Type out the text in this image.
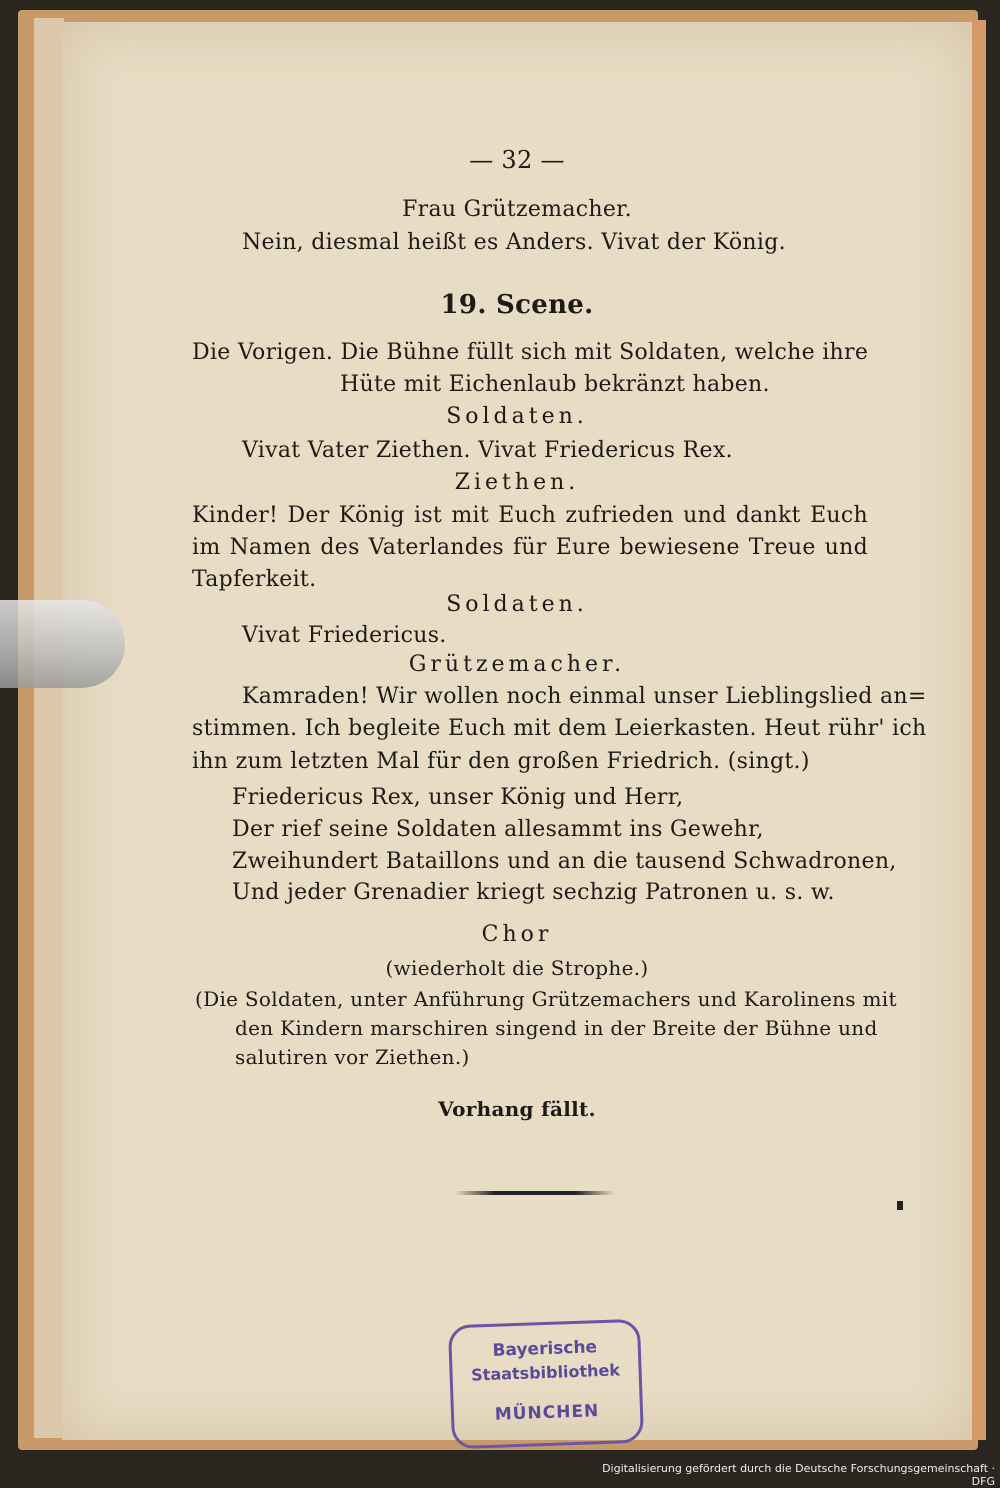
— 32 —
Frau Grützemacher.
Nein, diesmal heißt es Anders. Vivat der König.
19. Scene.
Die Vorigen. Die Bühne füllt sich mit Soldaten, welche ihre
Hüte mit Eichenlaub bekränzt haben.
Soldaten.
Vivat Vater Ziethen. Vivat Friedericus Rex.
Ziethen.
Kinder! Der König ist mit Euch zufrieden und dankt Euch
im Namen des Vaterlandes für Eure bewiesene Treue und
Tapferkeit.
Soldaten.
Vivat Friedericus.
Grützemacher.
Kamraden! Wir wollen noch einmal unser Lieblingslied an=
stimmen. Ich begleite Euch mit dem Leierkasten. Heut rühr' ich
ihn zum letzten Mal für den großen Friedrich. (singt.)
Friedericus Rex, unser König und Herr,
Der rief seine Soldaten allesammt ins Gewehr,
Zweihundert Bataillons und an die tausend Schwadronen,
Und jeder Grenadier kriegt sechzig Patronen u. s. w.
Chor
(wiederholt die Strophe.)
(Die Soldaten, unter Anführung Grützemachers und Karolinens mit
den Kindern marschiren singend in der Breite der Bühne und
salutiren vor Ziethen.)
Vorhang fällt.
Bayerische
Staatsbibliothek
MÜNCHEN
Digitalisierung gefördert durch die Deutsche Forschungsgemeinschaft · DFG
